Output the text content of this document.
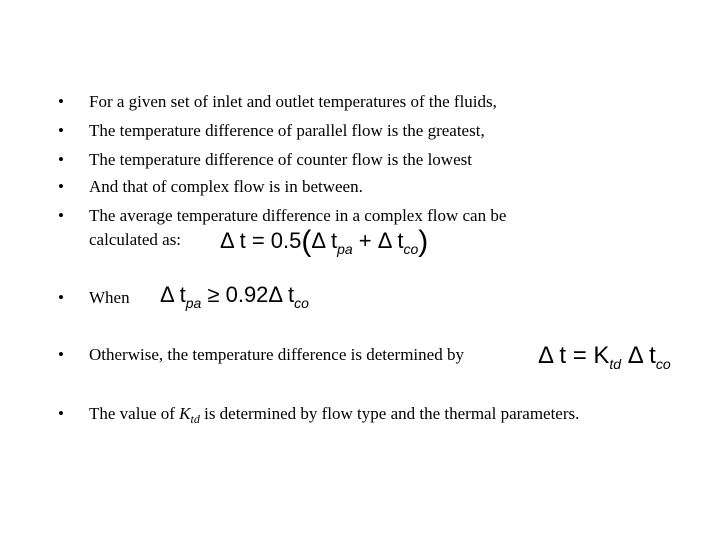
• For a given set of inlet and outlet temperatures of the fluids,
• The temperature difference of parallel flow is the greatest,
• The temperature difference of counter flow is the lowest
• And that of complex flow is in between.
• The average temperature difference in a complex flow can be
calculated as: Δ t = 0.5(Δ $t_{pa} + \Delta$ $t_{co}$)
• When Δ $t_{pa} \ge 0.92\Delta$ $t_{co}$
• Otherwise, the temperature difference is determined by	Δ $t = K_{td}$ Δ $t_{co}$
• The value of $K_{td}$ is determined by flow type and the thermal parameters.
